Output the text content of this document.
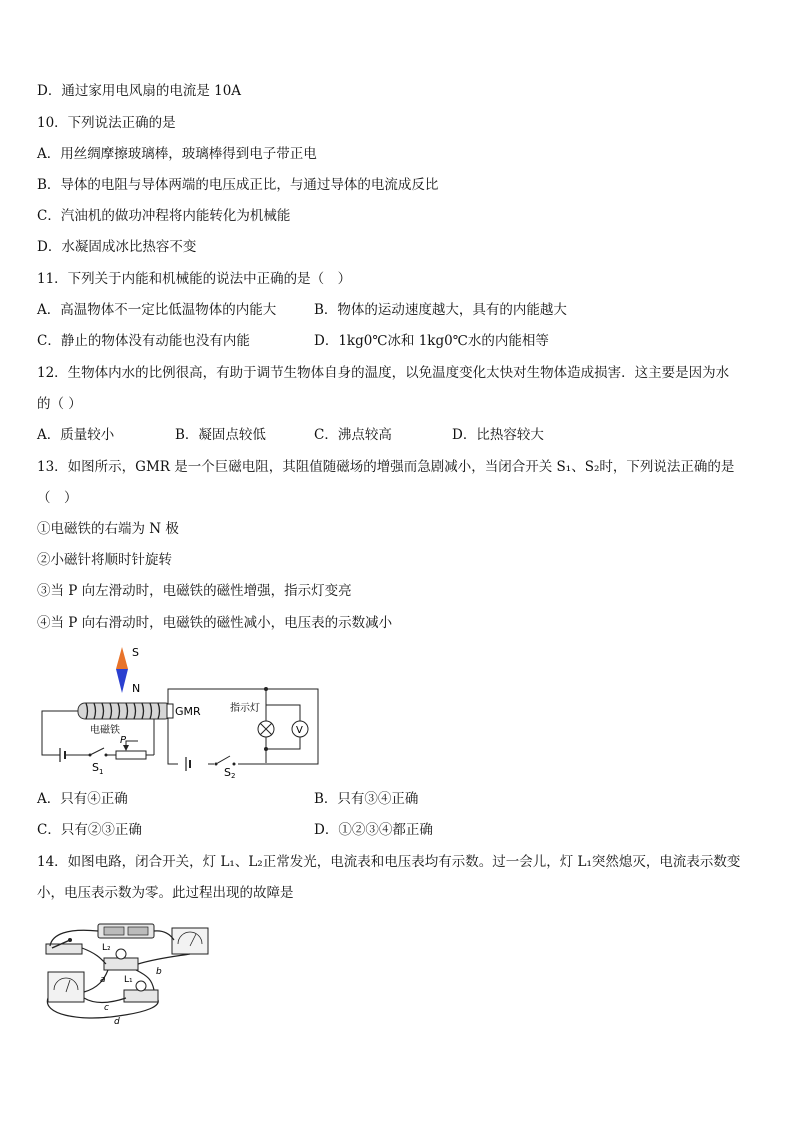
D．通过家用电风扇的电流是 10A
10．下列说法正确的是
A．用丝绸摩擦玻璃棒，玻璃棒得到电子带正电
B．导体的电阻与导体两端的电压成正比，与通过导体的电流成反比
C．汽油机的做功冲程将内能转化为机械能
D．水凝固成冰比热容不变
11．下列关于内能和机械能的说法中正确的是（　）
A．高温物体不一定比低温物体的内能大	B．物体的运动速度越大，具有的内能越大
C．静止的物体没有动能也没有内能	D．1kg0℃冰和 1kg0℃水的内能相等
12．生物体内水的比例很高，有助于调节生物体自身的温度，以免温度变化太快对生物体造成损害．这主要是因为水
的（ ）
A．质量较小	B．凝固点较低	C．沸点较高	D．比热容较大
13．如图所示，GMR 是一个巨磁电阻，其阻值随磁场的增强而急剧减小，当闭合开关 S₁、S₂时，下列说法正确的是
（　）
①电磁铁的右端为 N 极
②小磁针将顺时针旋转
③当 P 向左滑动时，电磁铁的磁性增强，指示灯变亮
④当 P 向右滑动时，电磁铁的磁性减小，电压表的示数减小
S
N
电磁铁
P
S 1
GMR	指示灯
V
S 2
A．只有④正确	B．只有③④正确
C．只有②③正确	D．①②③④都正确
14．如图电路，闭合开关，灯 L₁、L₂正常发光，电流表和电压表均有示数。过一会儿，灯 L₁突然熄灭，电流表示数变
小，电压表示数为零。此过程出现的故障是
L₂
L₁
a
b
c
d
